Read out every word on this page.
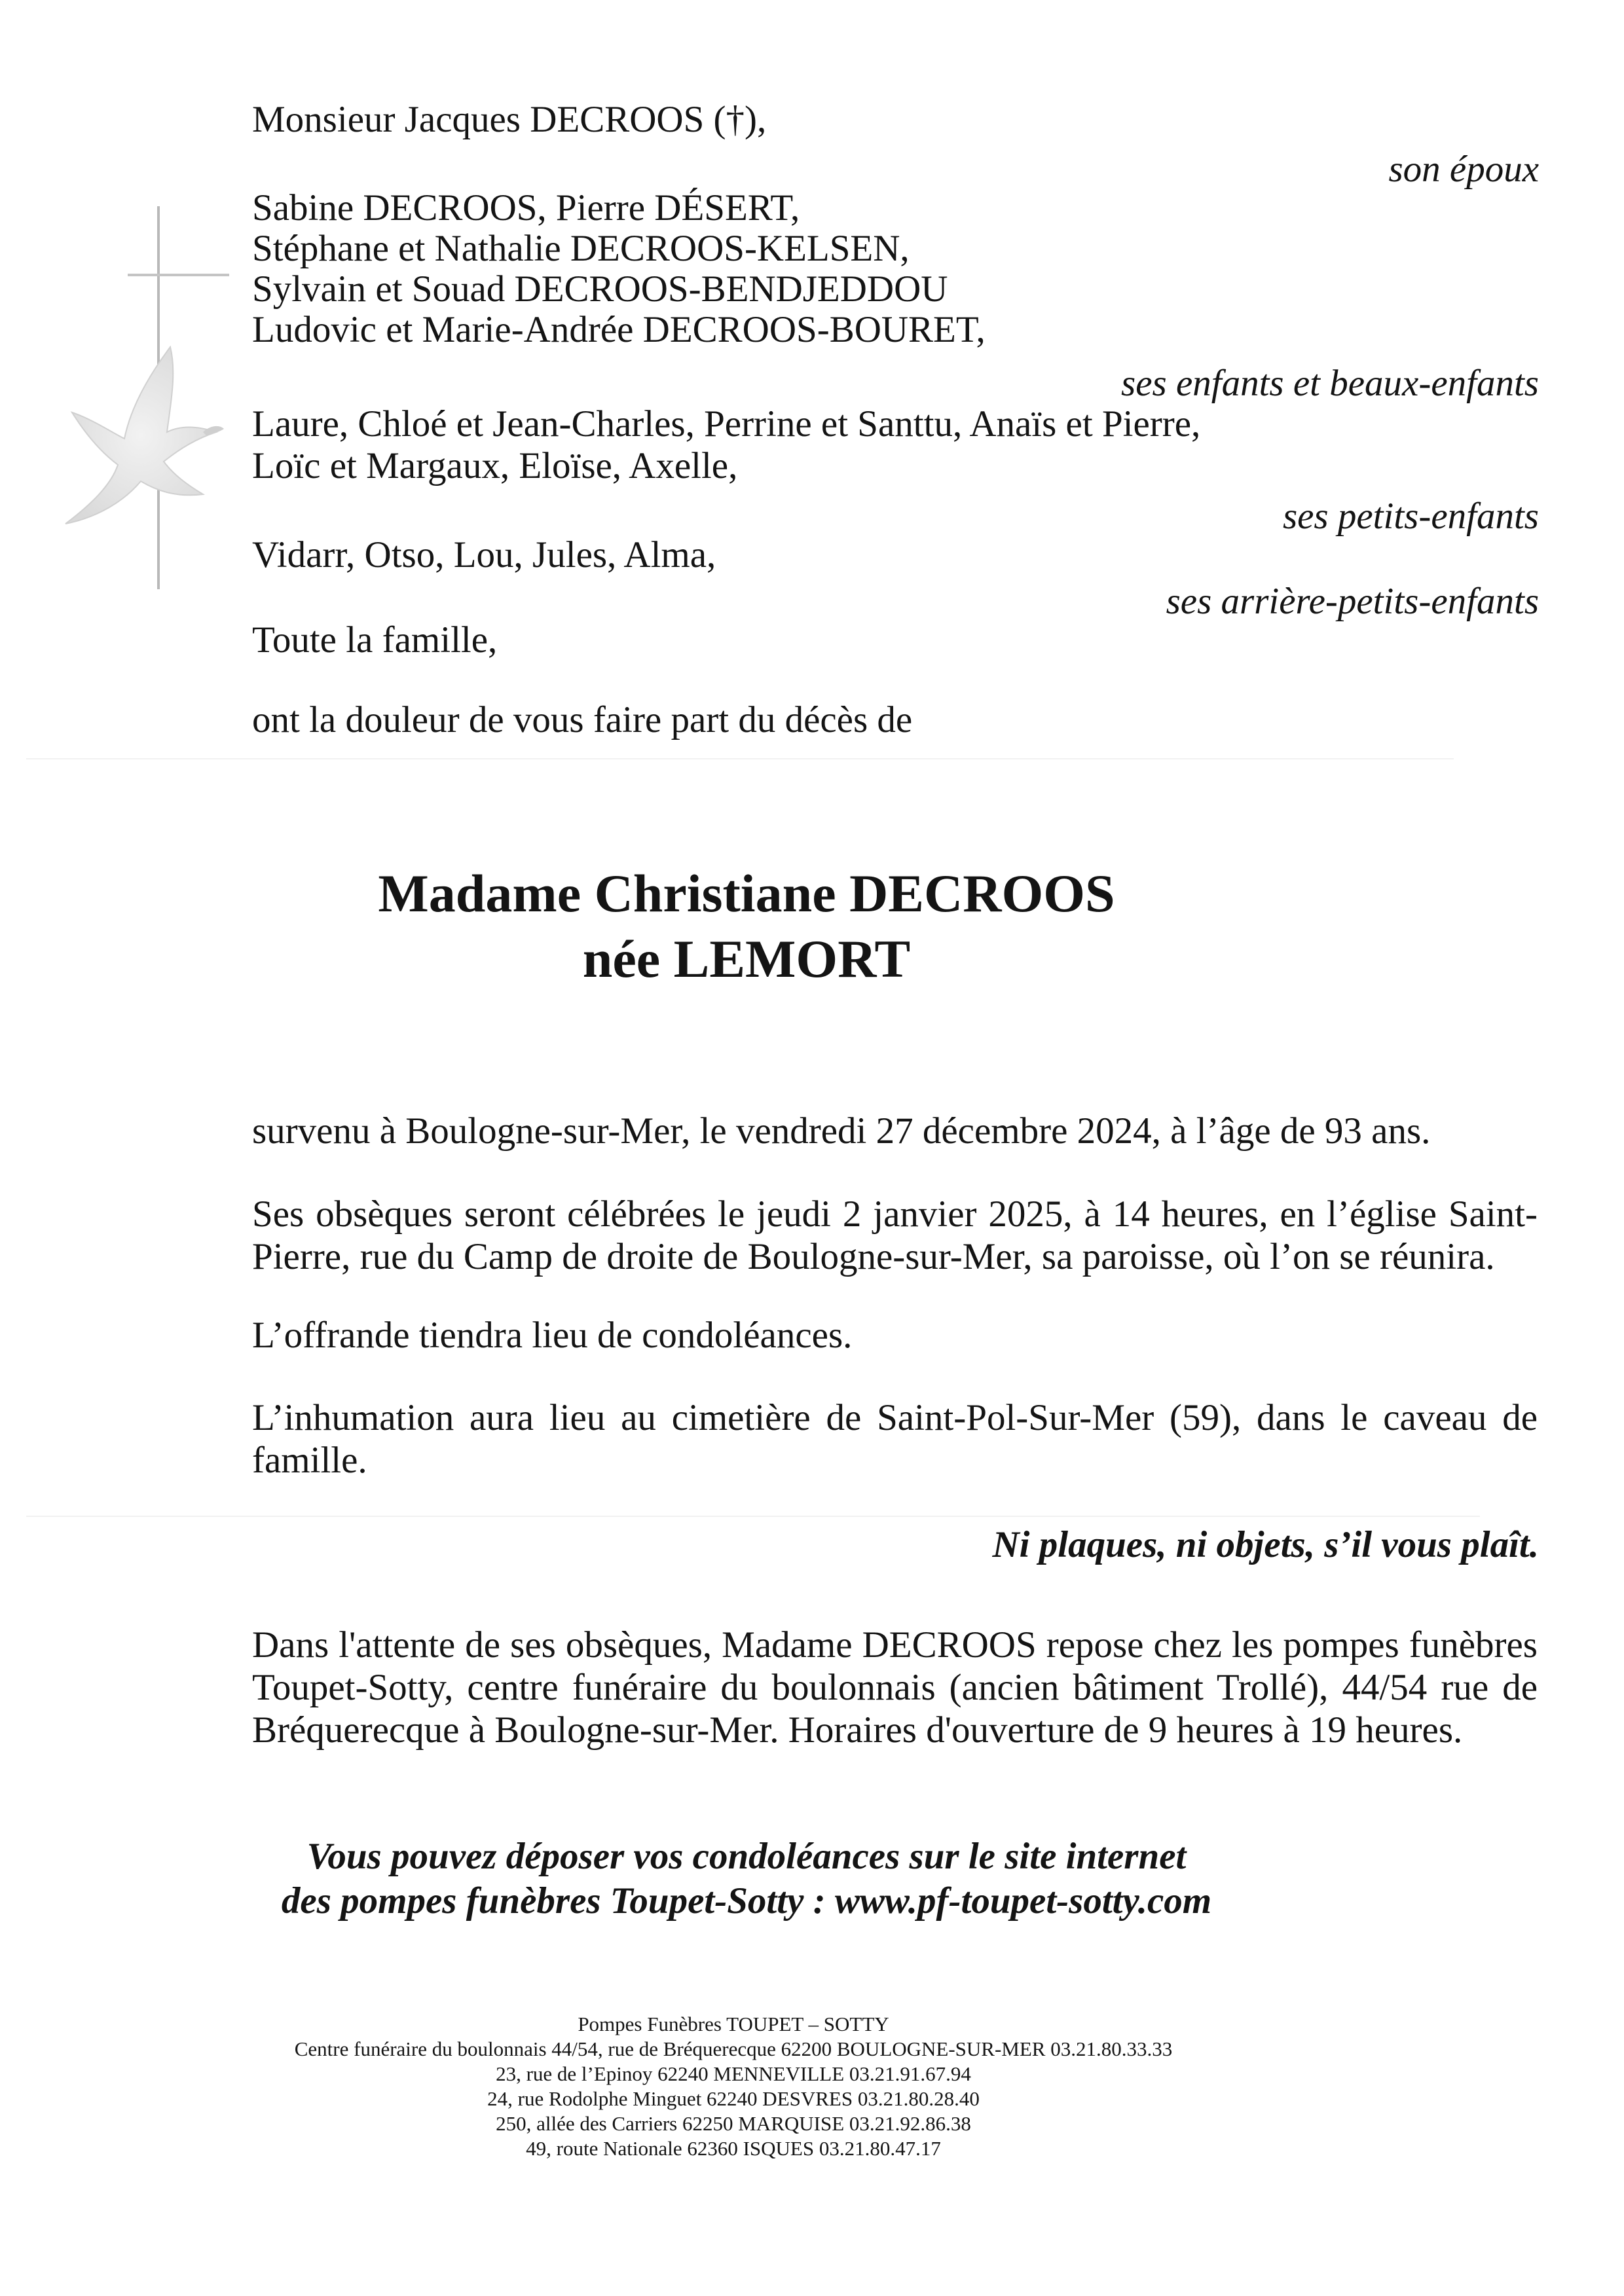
Monsieur Jacques DECROOS (†),
son époux
Sabine DECROOS, Pierre DÉSERT,
Stéphane et Nathalie DECROOS-KELSEN,
Sylvain et Souad DECROOS-BENDJEDDOU
Ludovic et Marie-Andrée DECROOS-BOURET,
ses enfants et beaux-enfants
Laure, Chloé et Jean-Charles, Perrine et Santtu, Anaïs et Pierre,
Loïc et Margaux, Eloïse, Axelle,
ses petits-enfants
Vidarr, Otso, Lou, Jules, Alma,
ses arrière-petits-enfants
Toute la famille,
ont la douleur de vous faire part du décès de
Madame Christiane DECROOS
née LEMORT
survenu à Boulogne-sur-Mer, le vendredi 27 décembre 2024, à l’âge de 93 ans.
Ses obsèques seront célébrées le jeudi 2 janvier 2025, à 14 heures, en l’église Saint-
Pierre, rue du Camp de droite de Boulogne-sur-Mer, sa paroisse, où l’on se réunira.
L’offrande tiendra lieu de condoléances.
L’inhumation aura lieu au cimetière de Saint-Pol-Sur-Mer (59), dans le caveau de
famille.
Ni plaques, ni objets, s’il vous plaît.
Dans l'attente de ses obsèques, Madame DECROOS repose chez les pompes funèbres
Toupet-Sotty, centre funéraire du boulonnais (ancien bâtiment Trollé), 44/54 rue de
Bréquerecque à Boulogne-sur-Mer. Horaires d'ouverture de 9 heures à 19 heures.
Vous pouvez déposer vos condoléances sur le site internet
des pompes funèbres Toupet-Sotty : www.pf-toupet-sotty.com
Pompes Funèbres TOUPET – SOTTY
Centre funéraire du boulonnais 44/54, rue de Bréquerecque 62200 BOULOGNE-SUR-MER 03.21.80.33.33
23, rue de l’Epinoy 62240 MENNEVILLE 03.21.91.67.94
24, rue Rodolphe Minguet 62240 DESVRES 03.21.80.28.40
250, allée des Carriers 62250 MARQUISE 03.21.92.86.38
49, route Nationale 62360 ISQUES 03.21.80.47.17
